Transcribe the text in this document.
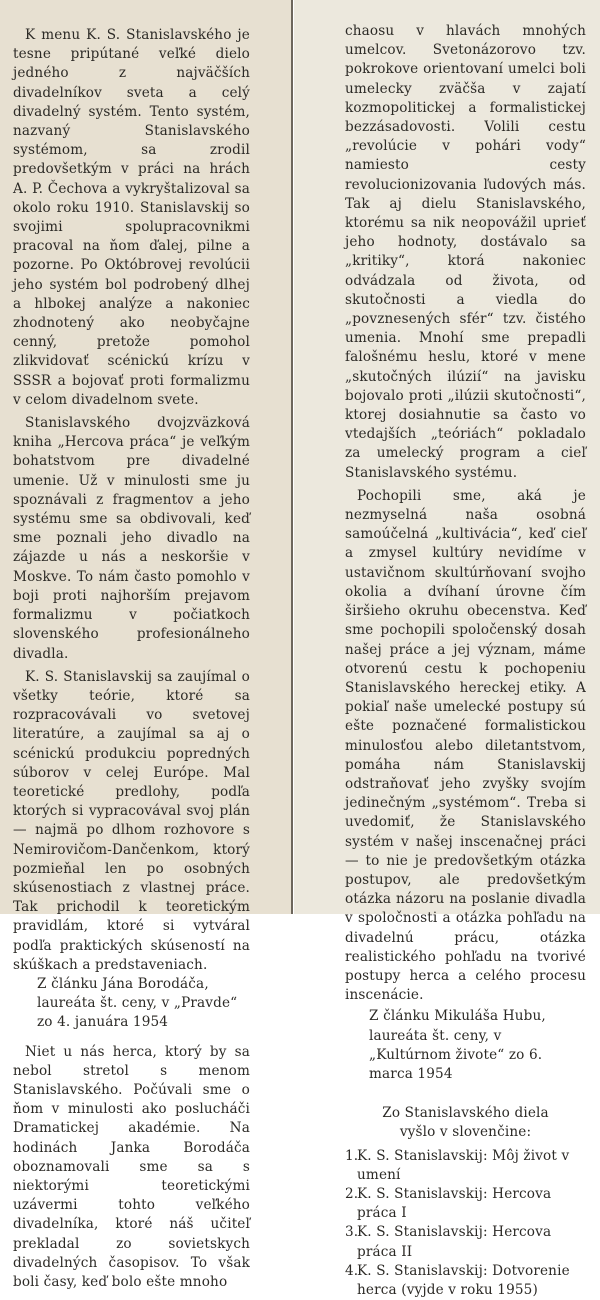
K menu K. S. Stanislavského je tesne pripútané veľké dielo jedného z najväčších divadelníkov sveta a celý divadelný systém. Tento systém, nazvaný Stanislavského systémom, sa zrodil predovšetkým v práci na hrách A. P. Čechova a vykryštalizoval sa okolo roku 1910. Stanislavskij so svojimi spolupracovnikmi pracoval na ňom ďalej, pilne a pozorne. Po Októbrovej revolúcii jeho systém bol podrobený dlhej a hlbokej analýze a nakoniec zhodnotený ako neobyčajne cenný, pretože pomohol zlikvidovať scénickú krízu v SSSR a bojovať proti formalizmu v celom divadelnom svete.

Stanislavského dvojzväzková kniha „Hercova práca“ je veľkým bohatstvom pre divadelné umenie. Už v minulosti sme ju spoznávali z fragmentov a jeho systému sme sa obdivovali, keď sme poznali jeho divadlo na zájazde u nás a neskoršie v Moskve. To nám často pomohlo v boji proti najhorším prejavom formalizmu v počiatkoch slovenského profesionálneho divadla.

K. S. Stanislavskij sa zaujímal o všetky teórie, ktoré sa rozpracovávali vo svetovej literatúre, a zaujímal sa aj o scénickú produkciu popredných súborov v celej Európe. Mal teoretické predlohy, podľa ktorých si vypracovával svoj plán — najmä po dlhom rozhovore s Nemirovičom-Dančenkom, ktorý pozmieňal len po osobných skúsenostiach z vlastnej práce. Tak prichodil k teoretickým pravidlám, ktoré si vytváral podľa praktických skúseností na skúškach a predstaveniach.

Z článku Jána Borodáča, laureáta št. ceny, v „Pravde“ zo 4. januára 1954

Niet u nás herca, ktorý by sa nebol stretol s menom Stanislavského. Počúvali sme o ňom v minulosti ako poslucháči Dramatickej akadémie. Na hodinách Janka Borodáča oboznamovali sme sa s niektorými teoretickými uzávermi tohto veľkého divadelníka, ktoré náš učiteľ prekladal zo sovietskych divadelných časopisov. To však boli časy, keď bolo ešte mnoho

chaosu v hlavách mnohých umelcov. Svetonázorovo tzv. pokrokove orientovaní umelci boli umelecky zväčša v zajatí kozmopolitickej a formalistickej bezzásadovosti. Volili cestu „revolúcie v pohári vody“ namiesto cesty revolucionizovania ľudových más. Tak aj dielu Stanislavského, ktorému sa nik neopovážil uprieť jeho hodnoty, dostávalo sa „kritiky“, ktorá nakoniec odvádzala od života, od skutočnosti a viedla do „povznesených sfér“ tzv. čistého umenia. Mnohí sme prepadli falošnému heslu, ktoré v mene „skutočných ilúzií“ na javisku bojovalo proti „ilúzii skutočnosti“, ktorej dosiahnutie sa často vo vtedajších „teóriách“ pokladalo za umelecký program a cieľ Stanislavského systému.

Pochopili sme, aká je nezmyselná naša osobná samoúčelná „kultivácia“, keď cieľ a zmysel kultúry nevidíme v ustavičnom skultúrňovaní svojho okolia a dvíhaní úrovne čím širšieho okruhu obecenstva. Keď sme pochopili spoločenský dosah našej práce a jej význam, máme otvorenú cestu k pochopeniu Stanislavského hereckej etiky. A pokiaľ naše umelecké postupy sú ešte poznačené formalistickou minulosťou alebo diletantstvom, pomáha nám Stanislavskij odstraňovať jeho zvyšky svojím jedinečným „systémom“. Treba si uvedomiť, že Stanislavského systém v našej inscenačnej práci — to nie je predovšetkým otázka postupov, ale predovšetkým otázka názoru na poslanie divadla v spoločnosti a otázka pohľadu na divadelnú prácu, otázka realistického pohľadu na tvorivé postupy herca a celého procesu inscenácie.

Z článku Mikuláša Hubu, laureáta št. ceny, v „Kultúrnom živote“ zo 6. marca 1954

Zo Stanislavského diela
vyšlo v slovenčine:
1.
K. S. Stanislavskij: Môj život v umení
2.
K. S. Stanislavskij: Hercova práca I
3.
K. S. Stanislavskij: Hercova práca II
4.
K. S. Stanislavskij: Dotvorenie herca (vyjde v roku 1955)
